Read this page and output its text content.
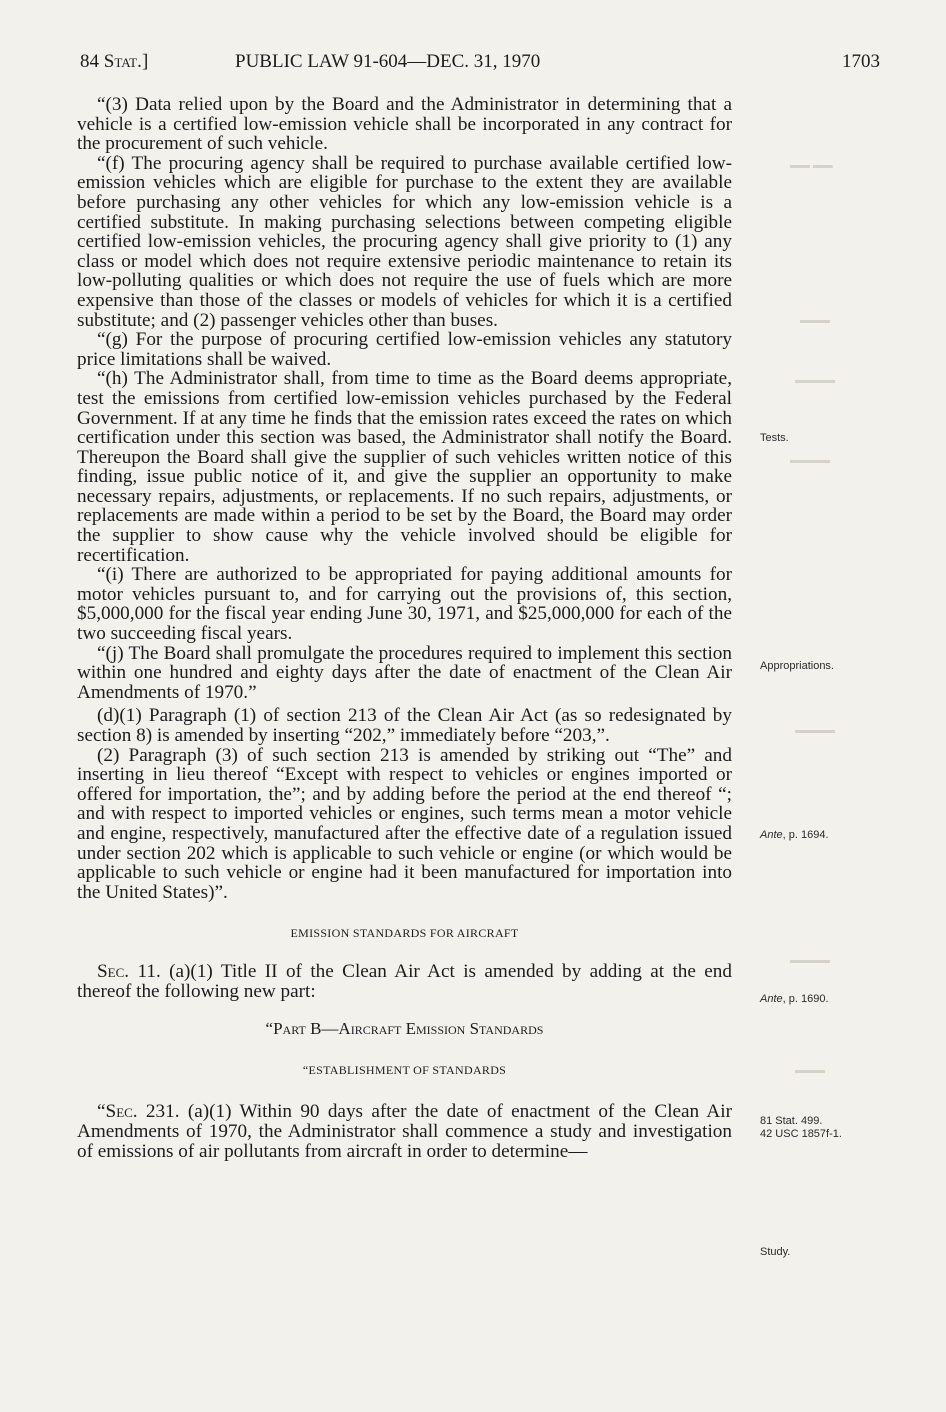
84 Stat. ]	PUBLIC LAW 91-604—DEC. 31, 1970	1703
▬▬ ▬▬
▬▬▬
▬▬▬▬
▬▬▬▬
▬▬▬▬
▬▬▬▬
▬▬▬

“(3) Data relied upon by the Board and the Administrator in determining that a vehicle is a certified low-emission vehicle shall be incorporated in any contract for the procurement of such vehicle.

“(f) The procuring agency shall be required to purchase available certified low-emission vehicles which are eligible for purchase to the extent they are available before purchasing any other vehicles for which any low-emission vehicle is a certified substitute. In making purchasing selections between competing eligible certified low-emission vehicles, the procuring agency shall give priority to (1) any class or model which does not require extensive periodic maintenance to retain its low-polluting qualities or which does not require the use of fuels which are more expensive than those of the classes or models of vehicles for which it is a certified substitute; and (2) passenger vehicles other than buses.

“(g) For the purpose of procuring certified low-emission vehicles any statutory price limitations shall be waived.

“(h) The Administrator shall, from time to time as the Board deems appropriate, test the emissions from certified low-emission vehicles purchased by the Federal Government. If at any time he finds that the emission rates exceed the rates on which certification under this section was based, the Administrator shall notify the Board. Thereupon the Board shall give the supplier of such vehicles written notice of this finding, issue public notice of it, and give the supplier an opportunity to make necessary repairs, adjustments, or replacements. If no such repairs, adjustments, or replacements are made within a period to be set by the Board, the Board may order the supplier to show cause why the vehicle involved should be eligible for recertification.

“(i) There are authorized to be appropriated for paying additional amounts for motor vehicles pursuant to, and for carrying out the provisions of, this section, $5,000,000 for the fiscal year ending June 30, 1971, and $25,000,000 for each of the two succeeding fiscal years.

“(j) The Board shall promulgate the procedures required to implement this section within one hundred and eighty days after the date of enactment of the Clean Air Amendments of 1970.”

(d)(1) Paragraph (1) of section 213 of the Clean Air Act (as so redesignated by section 8) is amended by inserting “202,” immediately before “203,”.

(2) Paragraph (3) of such section 213 is amended by striking out “The” and inserting in lieu thereof “Except with respect to vehicles or engines imported or offered for importation, the”; and by adding before the period at the end thereof “; and with respect to imported vehicles or engines, such terms mean a motor vehicle and engine, respectively, manufactured after the effective date of a regulation issued under section 202 which is applicable to such vehicle or engine (or which would be applicable to such vehicle or engine had it been manufactured for importation into the United States)”.

EMISSION STANDARDS FOR AIRCRAFT

Sec. 11. (a)(1) Title II of the Clean Air Act is amended by adding at the end thereof the following new part:

“Part B—Aircraft Emission Standards

“ESTABLISHMENT OF STANDARDS

“Sec. 231. (a)(1) Within 90 days after the date of enactment of the Clean Air Amendments of 1970, the Administrator shall commence a study and investigation of emissions of air pollutants from aircraft in order to determine—

Tests.
Appropriations.
Ante, p. 1694.
Ante, p. 1690.
81 Stat. 499.
42 USC 1857f-1.
Study.
